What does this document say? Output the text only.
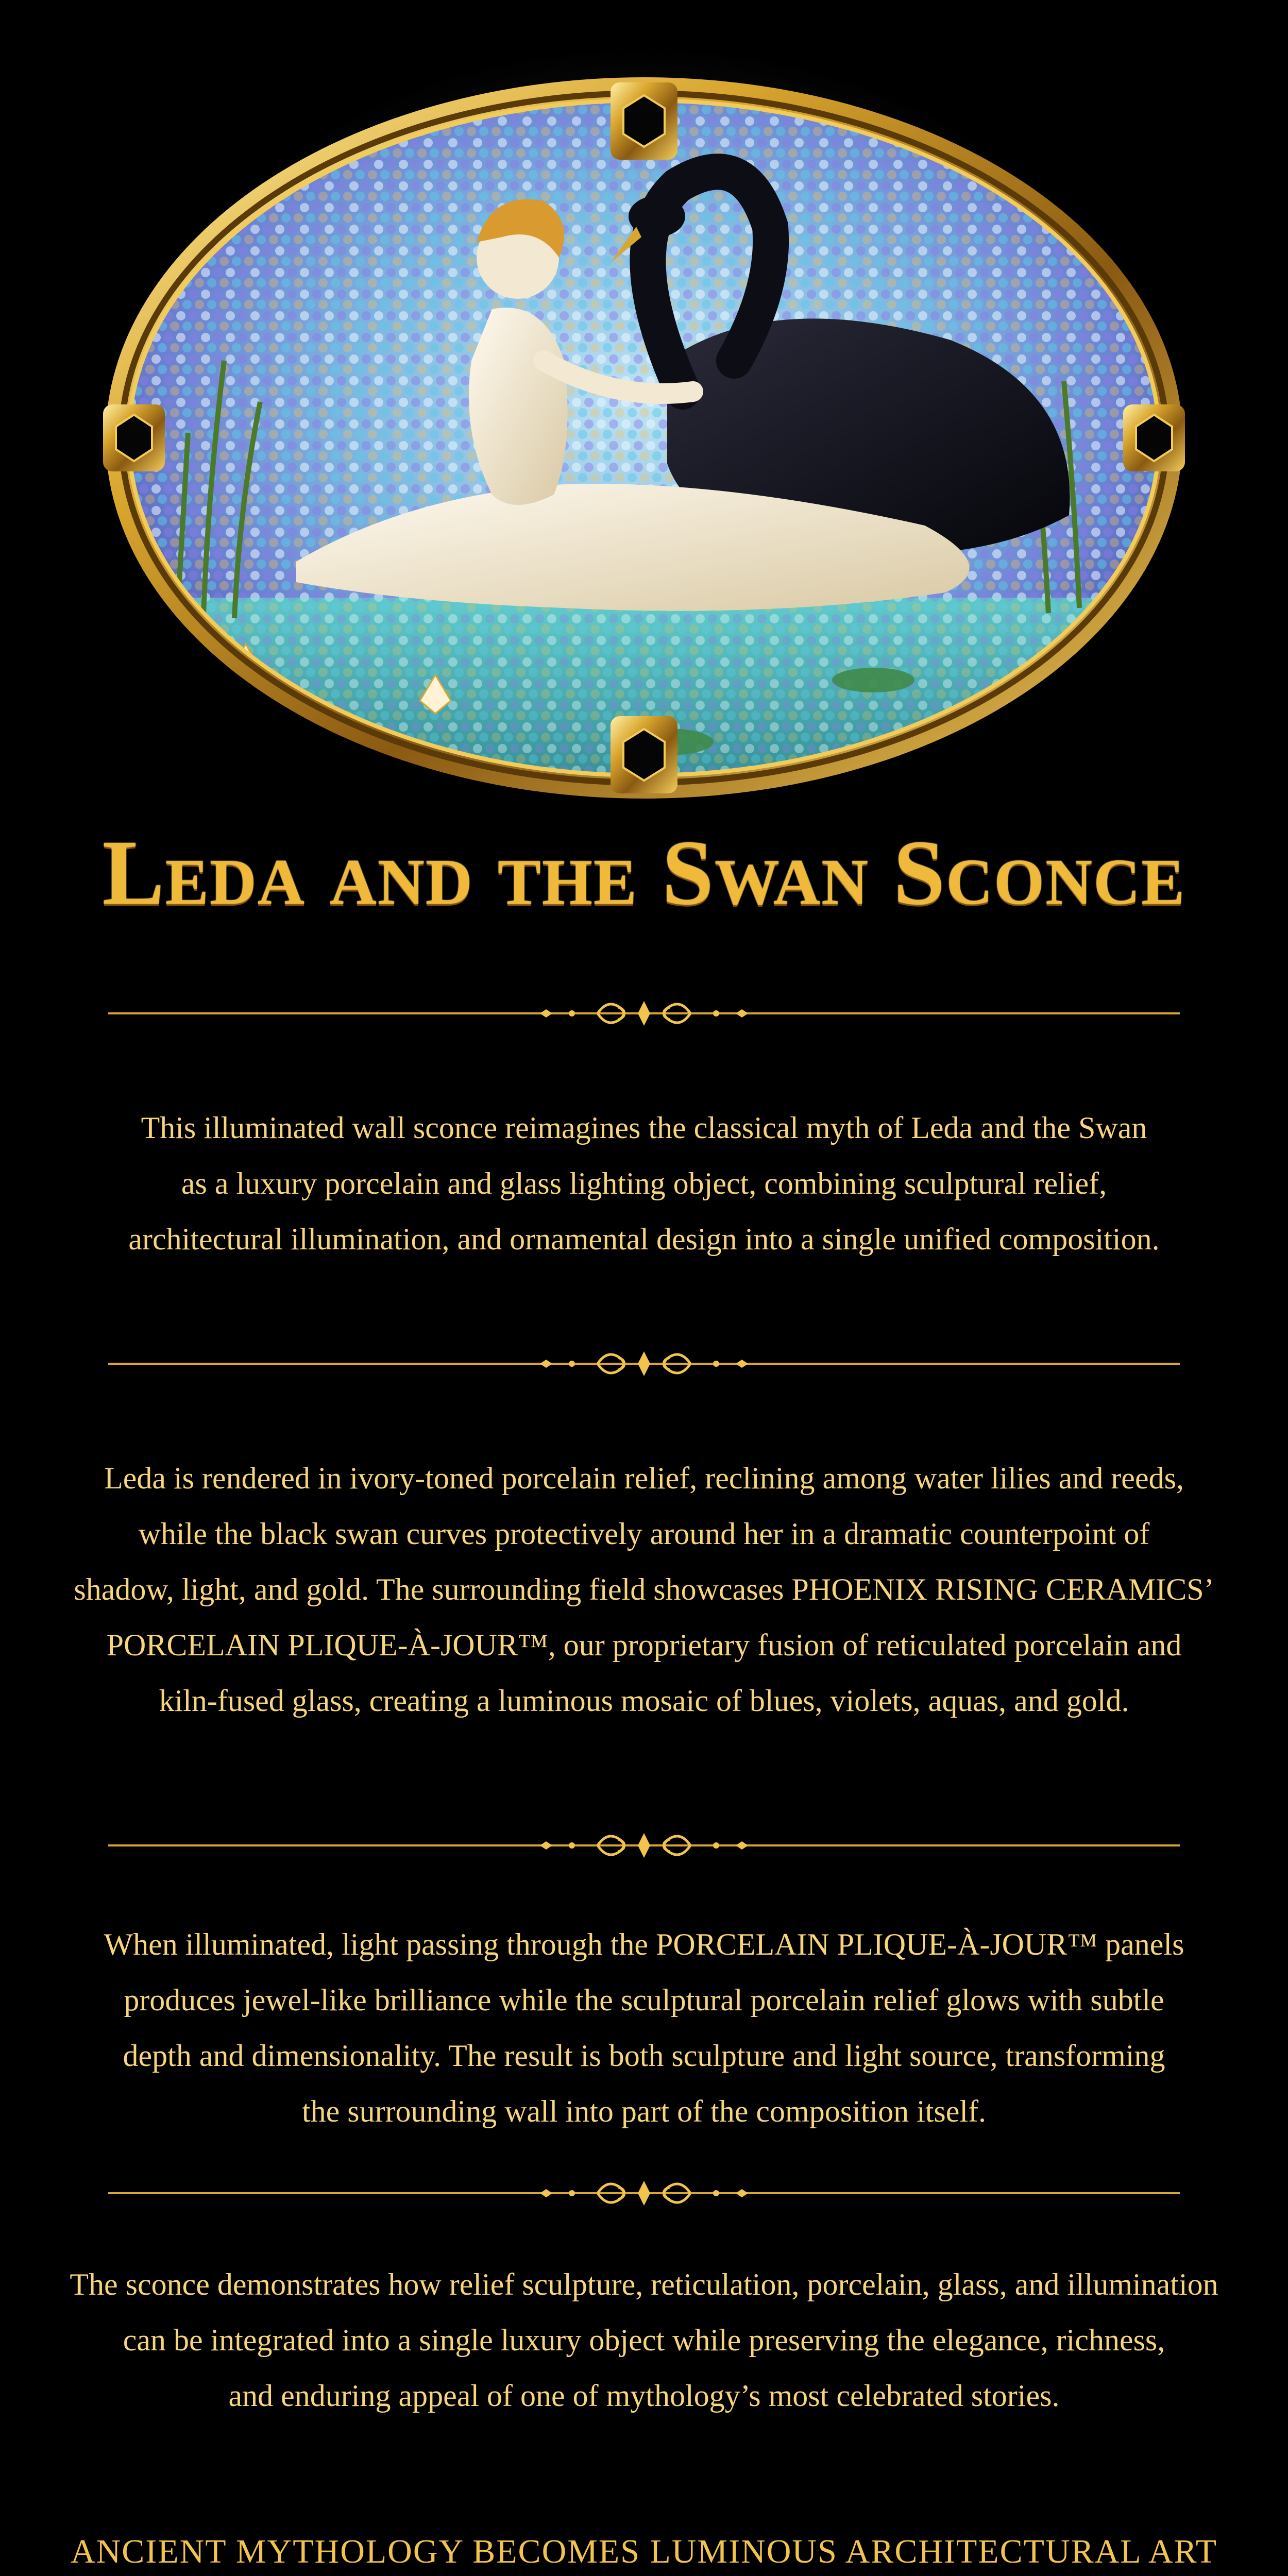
Leda and the Swan Sconce

This illuminated wall sconce reimagines the classical myth of Leda and the Swan
as a luxury porcelain and glass lighting object, combining sculptural relief,
architectural illumination, and ornamental design into a single unified composition.

Leda is rendered in ivory-toned porcelain relief, reclining among water lilies and reeds,
while the black swan curves protectively around her in a dramatic counterpoint of
shadow, light, and gold. The surrounding field showcases PHOENIX RISING CERAMICS’
PORCELAIN PLIQUE-À-JOUR™, our proprietary fusion of reticulated porcelain and
kiln-fused glass, creating a luminous mosaic of blues, violets, aquas, and gold.

When illuminated, light passing through the PORCELAIN PLIQUE-À-JOUR™ panels
produces jewel-like brilliance while the sculptural porcelain relief glows with subtle
depth and dimensionality. The result is both sculpture and light source, transforming
the surrounding wall into part of the composition itself.

The sconce demonstrates how relief sculpture, reticulation, porcelain, glass, and illumination
can be integrated into a single luxury object while preserving the elegance, richness,
and enduring appeal of one of mythology’s most celebrated stories.

ANCIENT MYTHOLOGY BECOMES LUMINOUS ARCHITECTURAL ART
